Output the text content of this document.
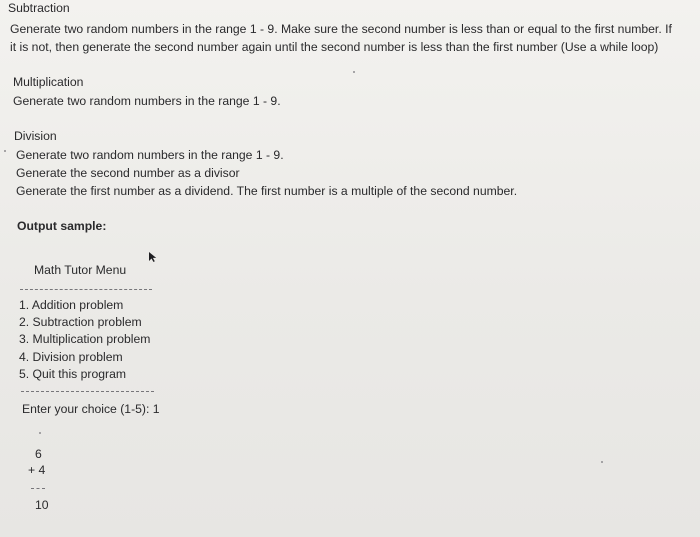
Subtraction
Generate two random numbers in the range 1 - 9. Make sure the second number is less than or equal to the first number. If
it is not, then generate the second number again until the second number is less than the first number (Use a while loop)
Multiplication
Generate two random numbers in the range 1 - 9.
Division
Generate two random numbers in the range 1 - 9.
Generate the second number as a divisor
Generate the first number as a dividend. The first number is a multiple of the second number.
Output sample:
Math Tutor Menu
1. Addition problem
2. Subtraction problem
3. Multiplication problem
4. Division problem
5. Quit this program
Enter your choice (1-5): 1
6
+ 4
10
